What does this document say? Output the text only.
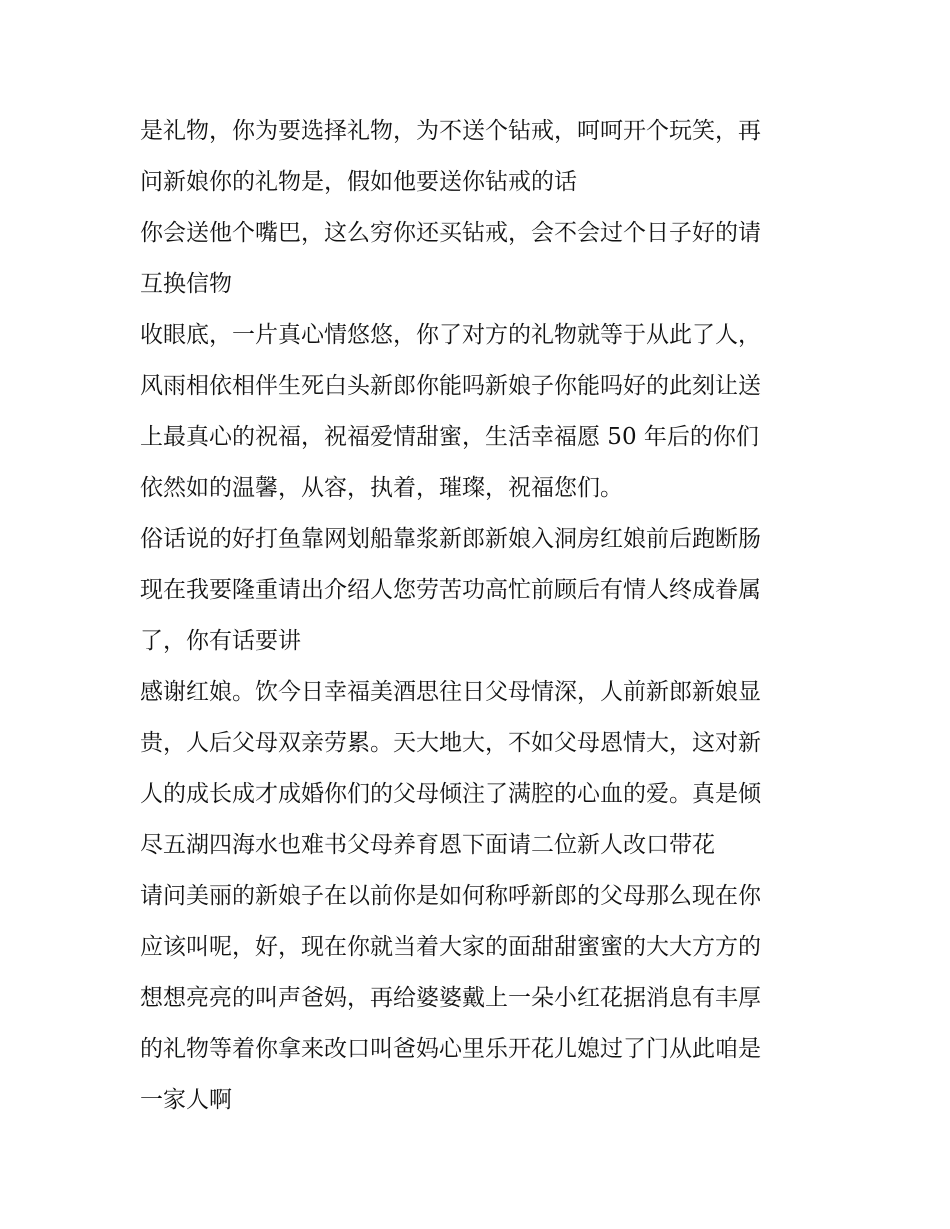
是礼物，你为要选择礼物，为不送个钻戒，呵呵开个玩笑，再
问新娘你的礼物是，假如他要送你钻戒的话
你会送他个嘴巴，这么穷你还买钻戒，会不会过个日子好的请
互换信物
收眼底，一片真心情悠悠，你了对方的礼物就等于从此了人，
风雨相依相伴生死白头新郎你能吗新娘子你能吗好的此刻让送
上最真心的祝福，祝福爱情甜蜜，生活幸福愿 50 年后的你们
依然如的温馨，从容，执着，璀璨，祝福您们。
俗话说的好打鱼靠网划船靠浆新郎新娘入洞房红娘前后跑断肠
现在我要隆重请出介绍人您劳苦功高忙前顾后有情人终成眷属
了，你有话要讲
感谢红娘。饮今日幸福美酒思往日父母情深，人前新郎新娘显
贵，人后父母双亲劳累。天大地大，不如父母恩情大，这对新
人的成长成才成婚你们的父母倾注了满腔的心血的爱。真是倾
尽五湖四海水也难书父母养育恩下面请二位新人改口带花
请问美丽的新娘子在以前你是如何称呼新郎的父母那么现在你
应该叫呢，好，现在你就当着大家的面甜甜蜜蜜的大大方方的
想想亮亮的叫声爸妈，再给婆婆戴上一朵小红花据消息有丰厚
的礼物等着你拿来改口叫爸妈心里乐开花儿媳过了门从此咱是
一家人啊
